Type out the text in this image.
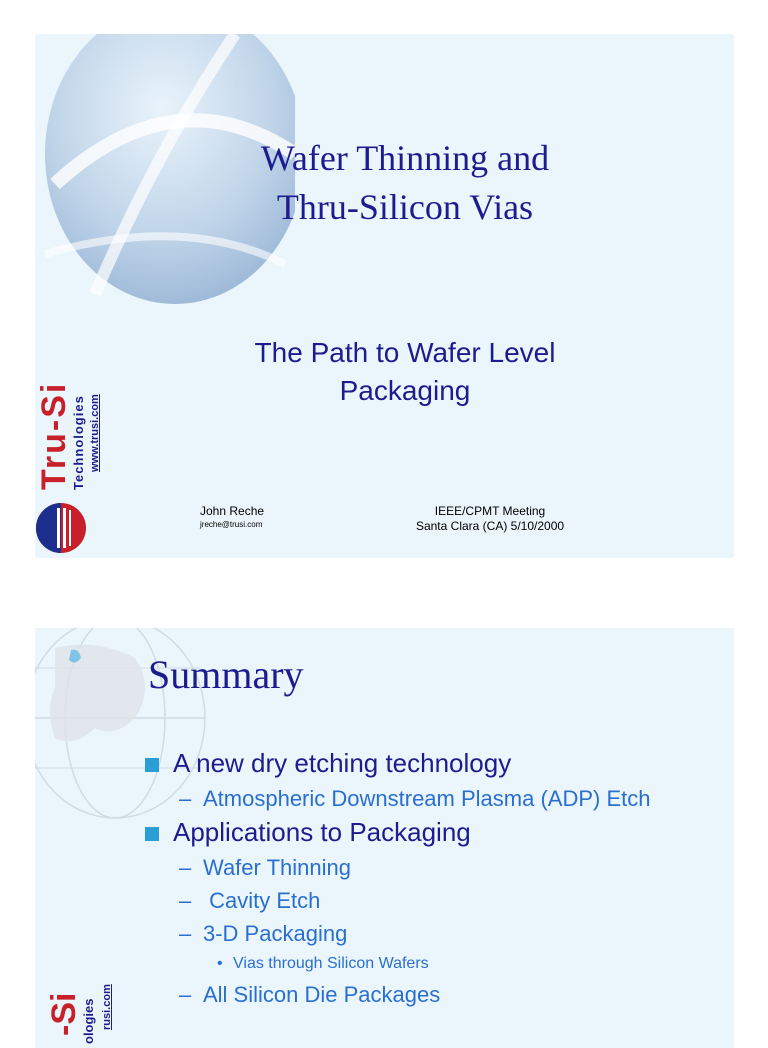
Wafer Thinning and
Thru-Silicon Vias
The Path to Wafer Level
Packaging
John Reche
jreche@trusi.com
IEEE/CPMT Meeting
Santa Clara (CA) 5/10/2000
Tru-Si
Technologies www.trusi.com
Summary
A new dry etching technology
– Atmospheric Downstream Plasma (ADP) Etch
Applications to Packaging
– Wafer Thinning
– Cavity Etch
– 3-D Packaging
• Vias through Silicon Wafers
– All Silicon Die Packages
-Si
ologies rusi.com
